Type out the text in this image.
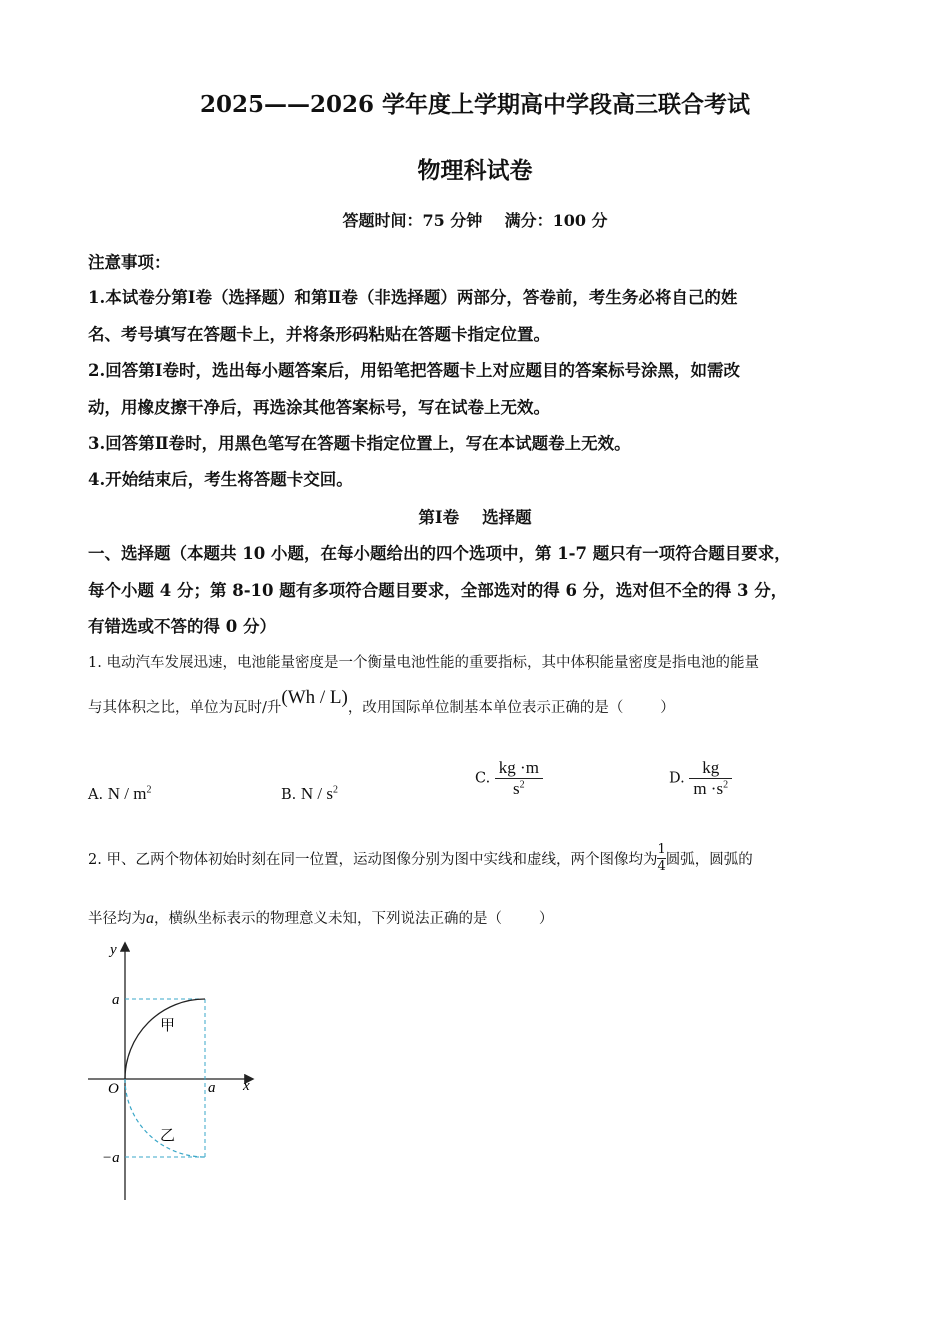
2025——2026 学年度上学期高中学段高三联合考试
物理科试卷
答题时间：75 分钟    满分：100 分
注意事项：
1.本试卷分第Ⅰ卷（选择题）和第Ⅱ卷（非选择题）两部分，答卷前，考生务必将自己的姓
名、考号填写在答题卡上，并将条形码粘贴在答题卡指定位置。
2.回答第Ⅰ卷时，选出每小题答案后，用铅笔把答题卡上对应题目的答案标号涂黑，如需改
动，用橡皮擦干净后，再选涂其他答案标号，写在试卷上无效。
3.回答第Ⅱ卷时，用黑色笔写在答题卡指定位置上，写在本试题卷上无效。
4.开始结束后，考生将答题卡交回。
第Ⅰ卷    选择题
一、选择题（本题共 10 小题，在每小题给出的四个选项中，第 1-7 题只有一项符合题目要求，
每个小题 4 分；第 8-10 题有多项符合题目要求，全部选对的得 6 分，选对但不全的得 3 分，
有错选或不答的得 0 分）
1. 电动汽车发展迅速，电池能量密度是一个衡量电池性能的重要指标，其中体积能量密度是指电池的能量
与其体积之比，单位为瓦时/升(Wh / L)，改用国际单位制基本单位表示正确的是（        ）
A. N / $m^2$	B. N / $s^2$
C. $\frac{kg \cdot m}{s^2}$	D. $\frac{kg}{m \cdot s^2}$
2. 甲、乙两个物体初始时刻在同一位置，运动图像分别为图中实线和虚线，两个图像均为$\frac{1}{4}$ 圆弧，圆弧的
半径均为a，横纵坐标表示的物理意义未知，下列说法正确的是（        ）
y
x
O
a
a
−a
甲
乙
